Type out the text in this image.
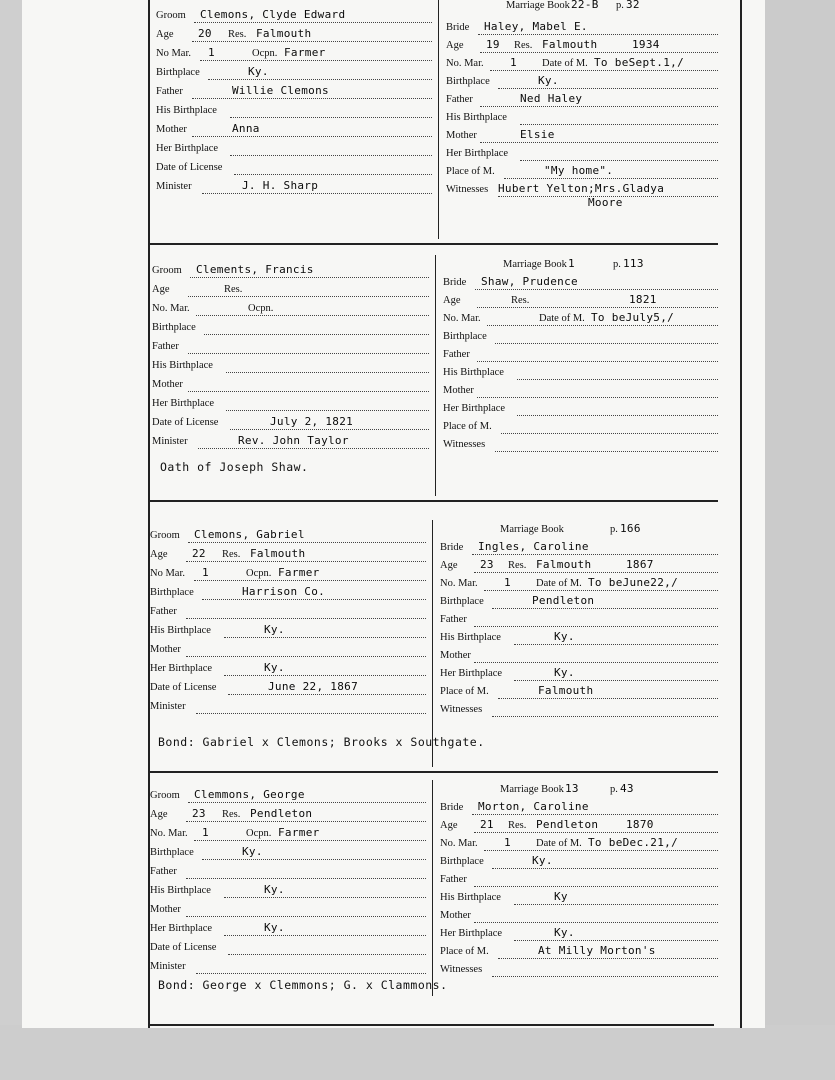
Groom Clemons, Clyde Edward
Age 20 Res. Falmouth
No Mar. 1	Ocpn. Farmer
Birthplace	Ky.
Father	Willie Clemons
His Birthplace
Mother	Anna
Her Birthplace
Date of License
Minister	J. H. Sharp
Marriage Book 22-B p. 32
Bride Haley, Mabel E.
Age 19 Res. Falmouth	1934
No. Mar. 1 Date of M. To beSept.1,/
Birthplace	Ky.
Father	Ned Haley
His Birthplace
Mother	Elsie
Her Birthplace
Place of M.	"My home".
Witnesses Hubert Yelton;Mrs.Gladya
Moore
Groom Clements, Francis
Age	Res.
No. Mar.	Ocpn.
Birthplace
Father
His Birthplace
Mother
Her Birthplace
Date of License	July 2, 1821
Minister	Rev. John Taylor
Marriage Book 1	p. 113
Bride Shaw, Prudence
Age	Res.	1821
No. Mar.	Date of M. To beJuly5,/
Birthplace
Father
His Birthplace
Mother
Her Birthplace
Place of M.
Witnesses
Oath of Joseph Shaw.
Groom Clemons, Gabriel
Age 22 Res. Falmouth
No Mar. 1	Ocpn. Farmer
Birthplace	Harrison Co.
Father
His Birthplace	Ky.
Mother
Her Birthplace	Ky.
Date of License	June 22, 1867
Minister
Marriage Book	p. 166
Bride Ingles, Caroline
Age 23 Res. Falmouth	1867
No. Mar. 1 Date of M. To beJune22,/
Birthplace	Pendleton
Father
His Birthplace	Ky.
Mother
Her Birthplace	Ky.
Place of M.	Falmouth
Witnesses
Bond: Gabriel x Clemons; Brooks x Southgate.
Groom Clemmons, George
Age 23 Res. Pendleton
No. Mar. 1	Ocpn. Farmer
Birthplace	Ky.
Father
His Birthplace	Ky.
Mother
Her Birthplace	Ky.
Date of License
Minister
Marriage Book 13	p. 43
Bride Morton, Caroline
Age 21 Res. Pendleton	1870
No. Mar. 1 Date of M. To beDec.21,/
Birthplace	Ky.
Father
His Birthplace	Ky
Mother
Her Birthplace	Ky.
Place of M.	At Milly Morton's
Witnesses
Bond: George x Clemmons; G. x Clammons.
